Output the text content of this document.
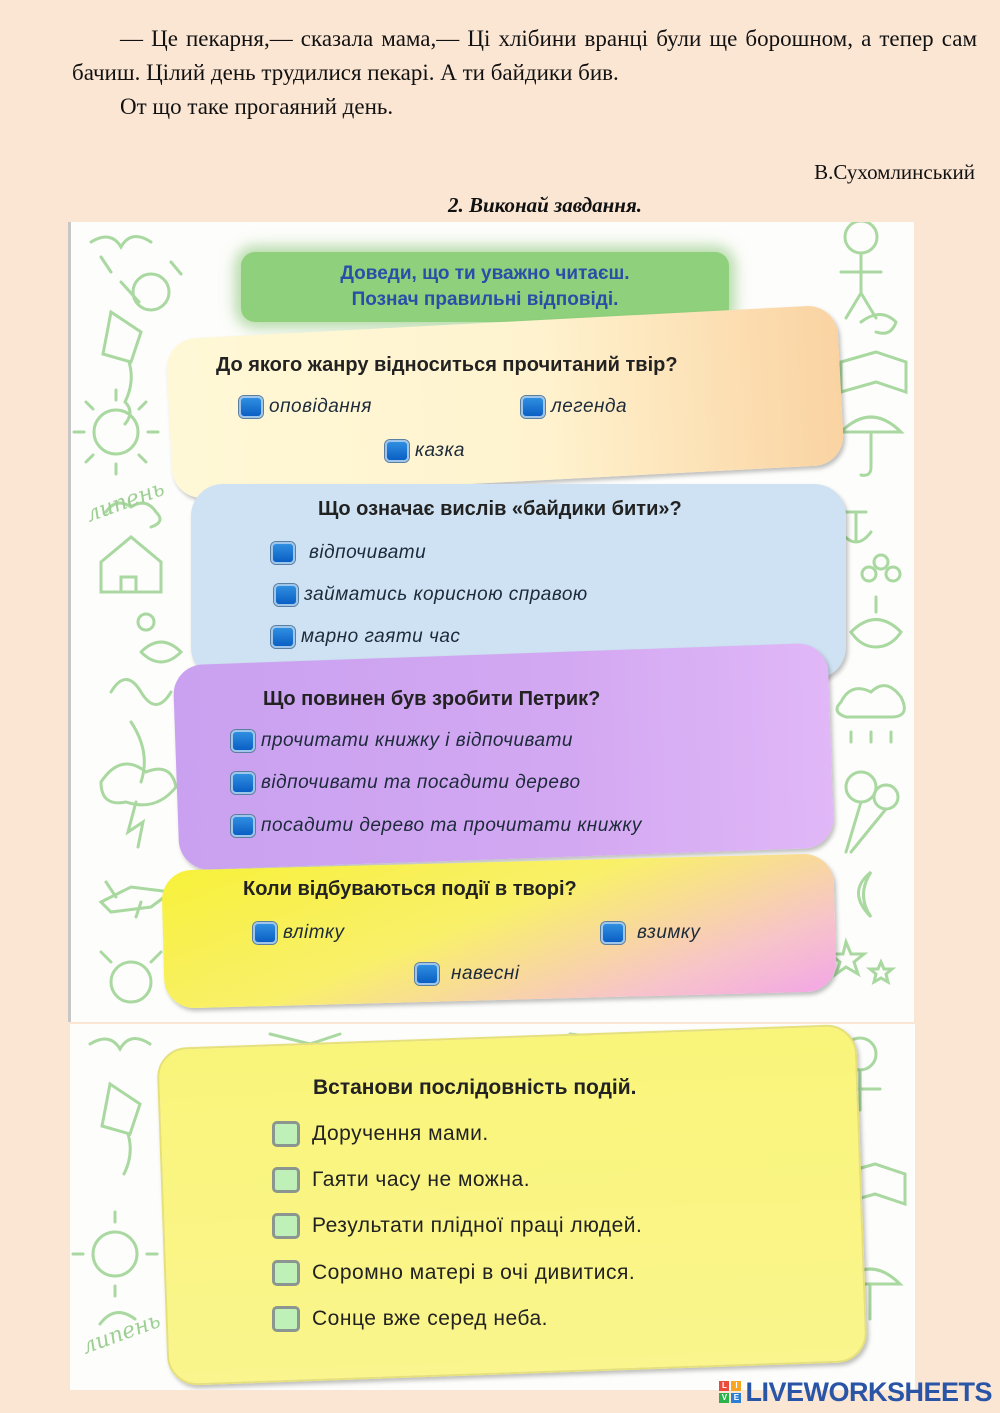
— Це пекарня,— сказала мама,— Ці хлібини вранці були ще борошном, а тепер сам бачиш. Цілий день трудилися пекарі. А ти байдики бив.

От що таке прогаяний день.

В.Сухомлинський
2. Виконай завдання.
липень
Доведи, що ти уважно читаєш.
Познач правильні відповіді.
До якого жанру відноситься прочитаний твір?
оповідання	легенда
казка
Що означає вислів «байдики бити»?
відпочивати
займатись корисною справою
марно гаяти час
Що повинен був зробити Петрик?
прочитати книжку і відпочивати
відпочивати та посадити дерево
посадити дерево та прочитати книжку
Коли відбуваються події в творі?
влітку	взимку
навесні
липень
Встанови послідовність подій.
Доручення мами.
Гаяти часу не можна.
Результати плідної праці людей.
Соромно матері в очі дивитися.
Сонце вже серед неба.
L	I
V E LIVEWORKSHEETS
